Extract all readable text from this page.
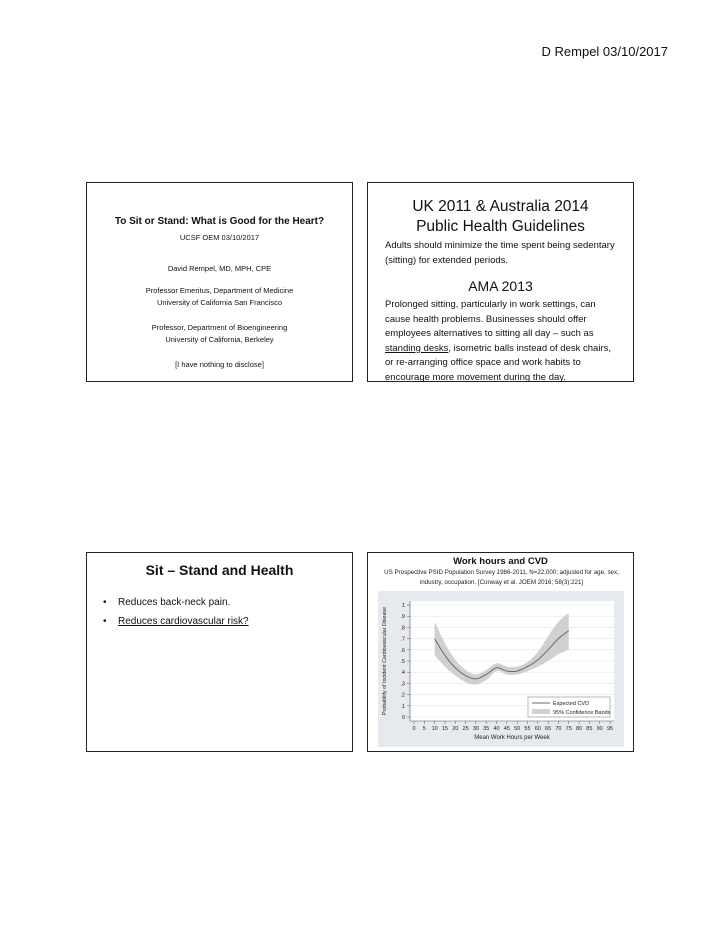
D Rempel 03/10/2017
To Sit or Stand: What is Good for the Heart?
UCSF OEM 03/10/2017
David Rempel, MD, MPH, CPE
Professor Emeritus, Department of Medicine
University of California San Francisco
Professor, Department of Bioengineering
University of California, Berkeley
[I have nothing to disclose]
UK 2011 & Australia 2014
Public Health Guidelines
Adults should minimize the time spent being sedentary (sitting) for extended periods.
AMA 2013
Prolonged sitting, particularly in work settings, can cause health problems. Businesses should offer employees alternatives to sitting all day – such as standing desks, isometric balls instead of desk chairs, or re-arranging office space and work habits to encourage more movement during the day.
Sit – Stand and Health
• Reduces back-neck pain.
• Reduces cardiovascular risk?
Work hours and CVD
US Prospective PSID Population Survey 1986-2011, N=22,000; adjusted for age, sex, industry, occupation. [Conway et al. JOEM 2016; 58(3):221]
0
.1
.2
.3
.4
.5
.6
.7
.8
.9
1
0 5 10 15 20 25 30 35 40 45 50 55 60 65 70 75 80 85 90 95
Expected CVD
95% Confidence Bands
Mean Work Hours per Week
Probability of Incident Cardiovascular Disease
